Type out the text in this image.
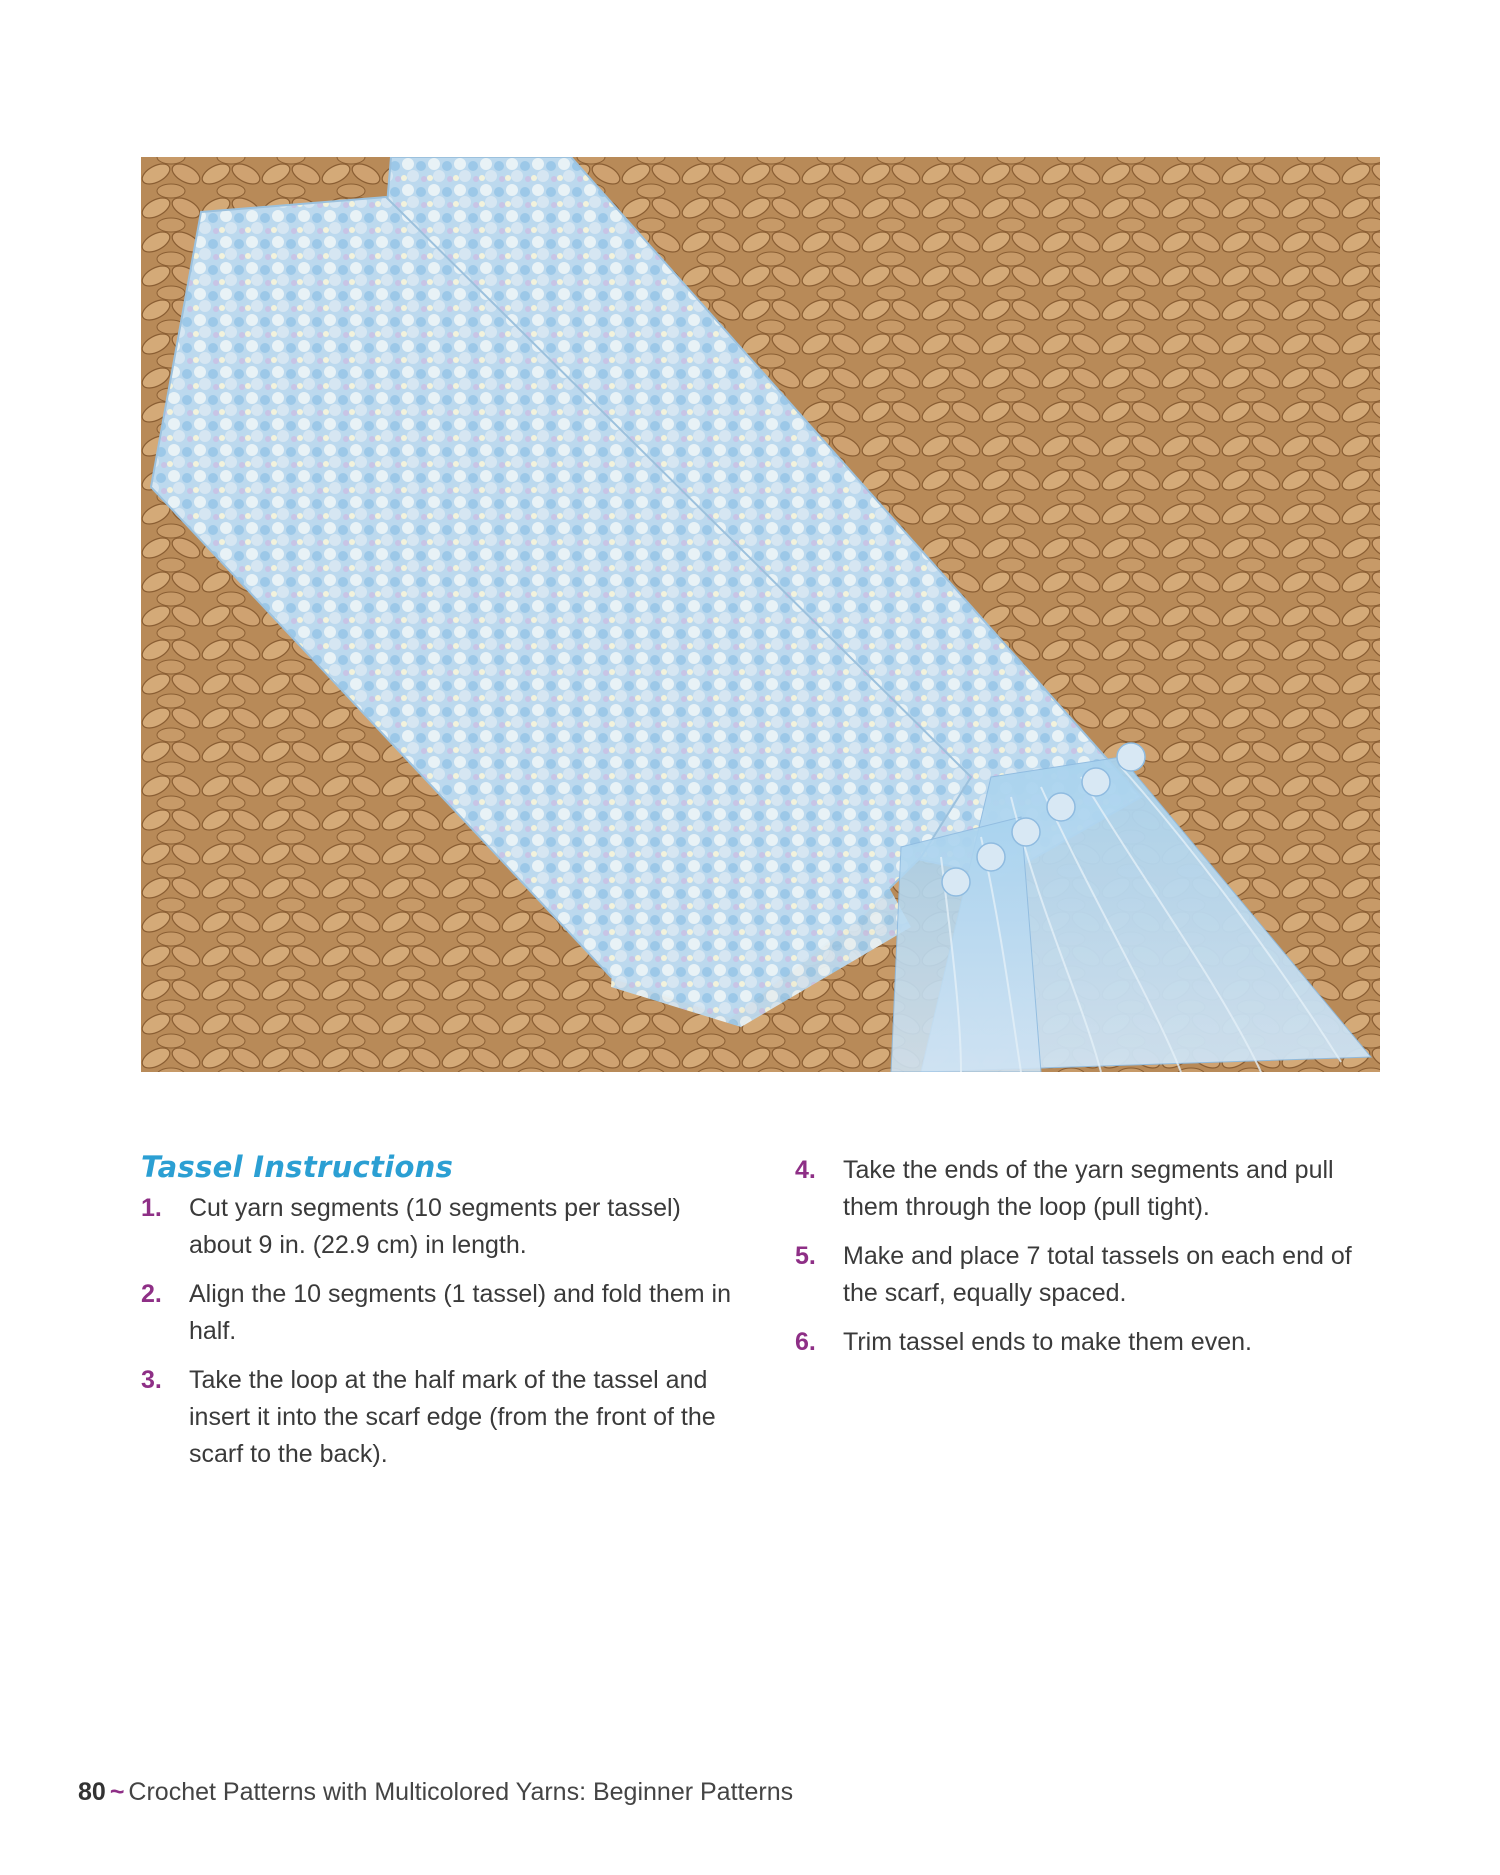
Tassel Instructions
1. Cut yarn segments (10 segments per tassel) about 9 in. (22.9 cm) in length.
2. Align the 10 segments (1 tassel) and fold them in half.
3. Take the loop at the half mark of the tassel and insert it into the scarf edge (from the front of the scarf to the back).
4. Take the ends of the yarn segments and pull them through the loop (pull tight).
5. Make and place 7 total tassels on each end of the scarf, equally spaced.
6. Trim tassel ends to make them even.
80 ~ Crochet Patterns with Multicolored Yarns: Beginner Patterns
